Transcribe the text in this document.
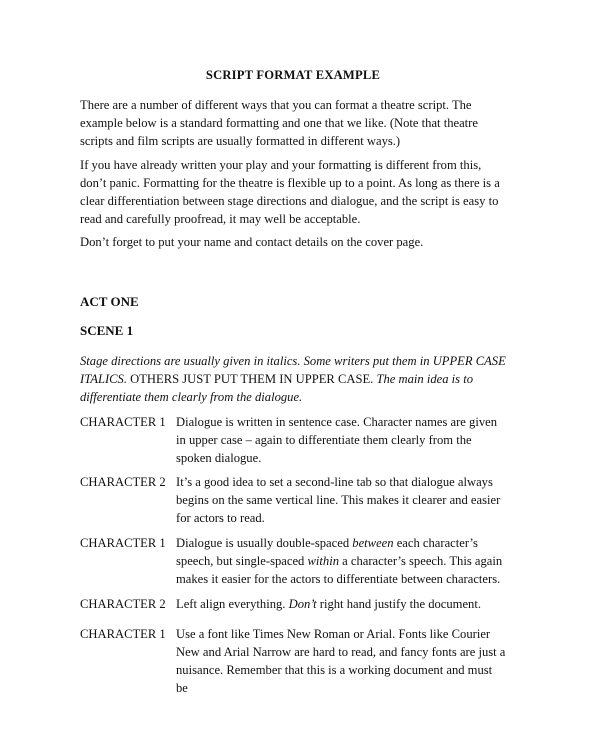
SCRIPT FORMAT EXAMPLE

There are a number of different ways that you can format a theatre script. The example below is a standard formatting and one that we like. (Note that theatre scripts and film scripts are usually formatted in different ways.)

If you have already written your play and your formatting is different from this, don’t panic. Formatting for the theatre is flexible up to a point. As long as there is a clear differentiation between stage directions and dialogue, and the script is easy to read and carefully proofread, it may well be acceptable.

Don’t forget to put your name and contact details on the cover page.

ACT ONE
SCENE 1

Stage directions are usually given in italics. Some writers put them in UPPER CASE ITALICS. OTHERS JUST PUT THEM IN UPPER CASE. The main idea is to differentiate them clearly from the dialogue.

CHARACTER 1 Dialogue is written in sentence case. Character names are given in upper case – again to differentiate them clearly from the spoken dialogue.

CHARACTER 2 It’s a good idea to set a second-line tab so that dialogue always begins on the same vertical line. This makes it clearer and easier for actors to read.

CHARACTER 1 Dialogue is usually double-spaced between each character’s speech, but single-spaced within a character’s speech. This again makes it easier for the actors to differentiate between characters.

CHARACTER 2 Left align everything. Don’t right hand justify the document.

CHARACTER 1 Use a font like Times New Roman or Arial. Fonts like Courier New and Arial Narrow are hard to read, and fancy fonts are just a nuisance. Remember that this is a working document and must be
